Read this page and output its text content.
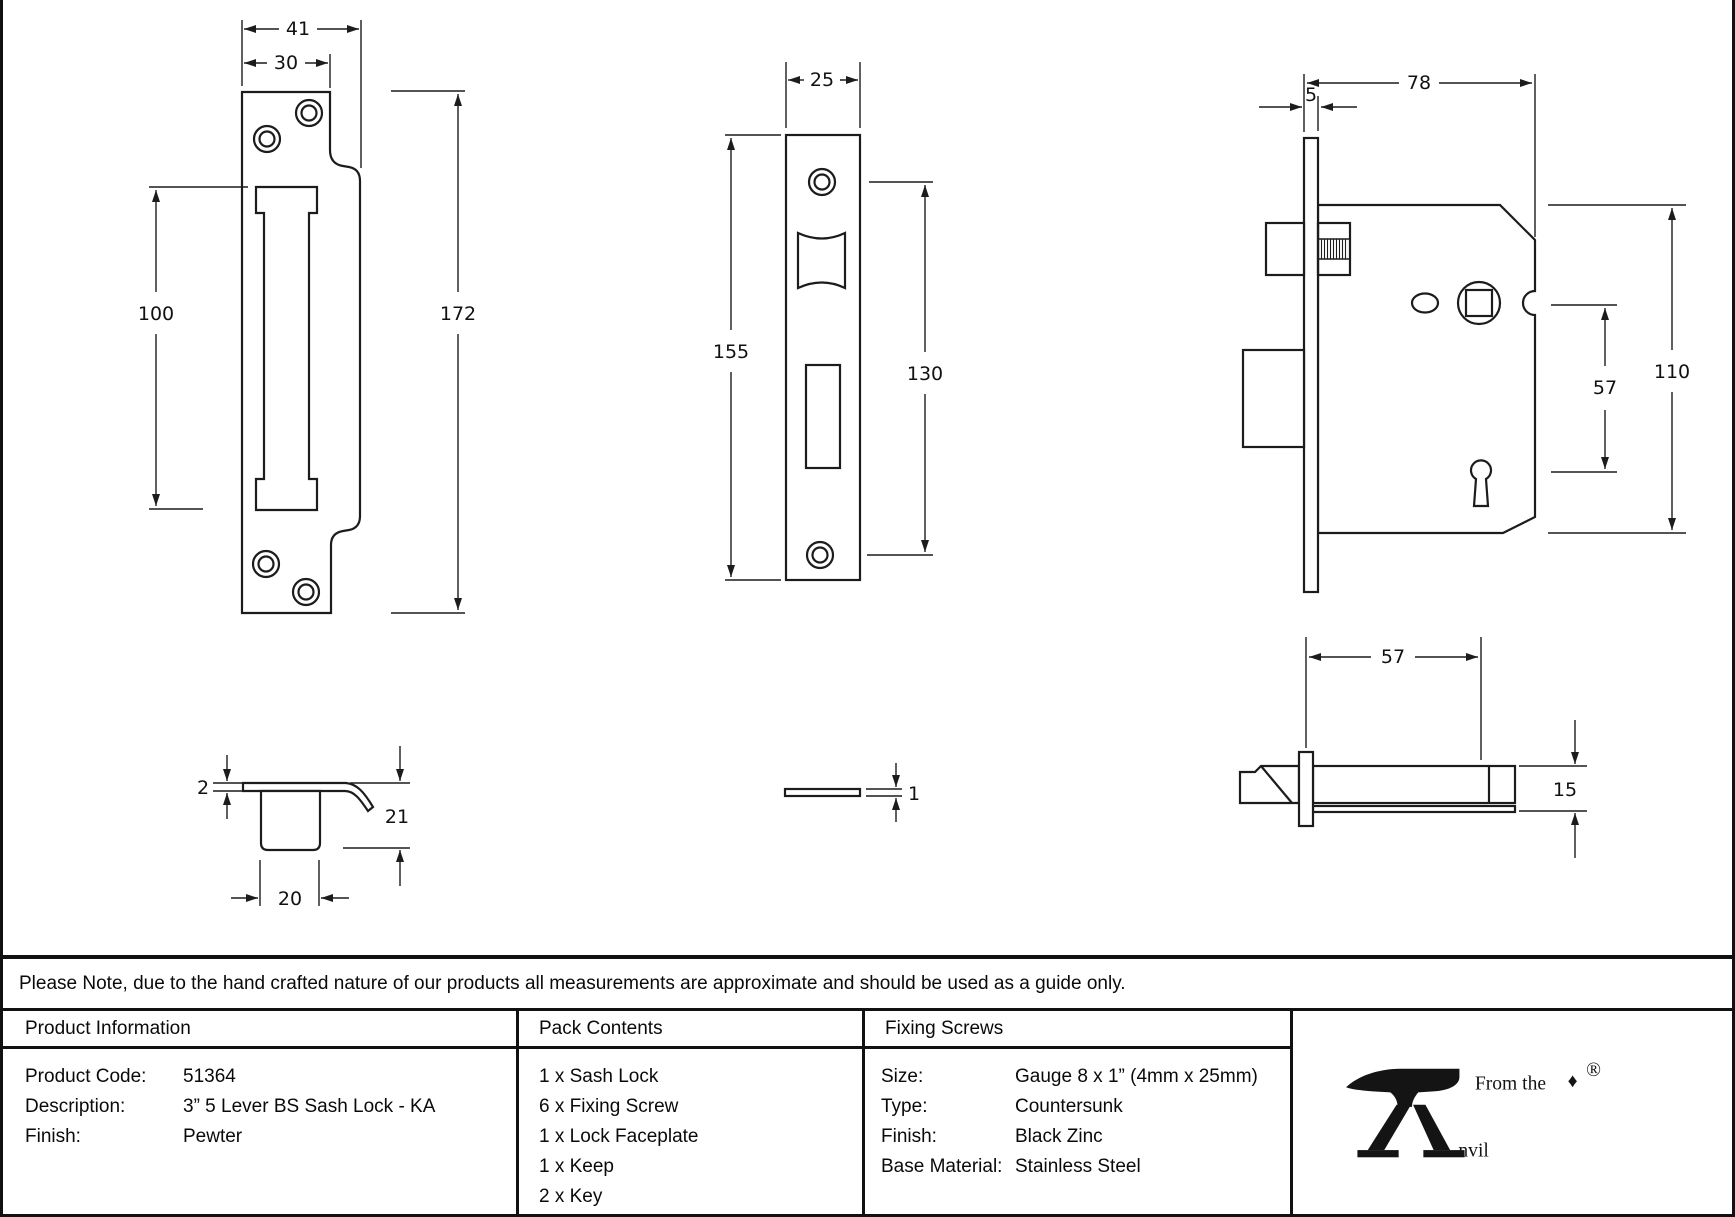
41
30
100	172
25
155
130
78
5
110
57
57
2
21
20
1	15
Please Note, due to the hand crafted nature of our products all measurements are approximate and should be used as a guide only.
Product Information
Product Code:	51364
Description:	3” 5 Lever BS Sash Lock - KA
Finish:	Pewter
Pack Contents
1 x Sash Lock
6 x Fixing Screw
1 x Lock Faceplate
1 x Keep
2 x Key
Fixing Screws
Size:	Gauge 8 x 1” (4mm x 25mm)
Type:	Countersunk
Finish:	Black Zinc
Base Material: Stainless Steel
nvil
From the ♦
®
